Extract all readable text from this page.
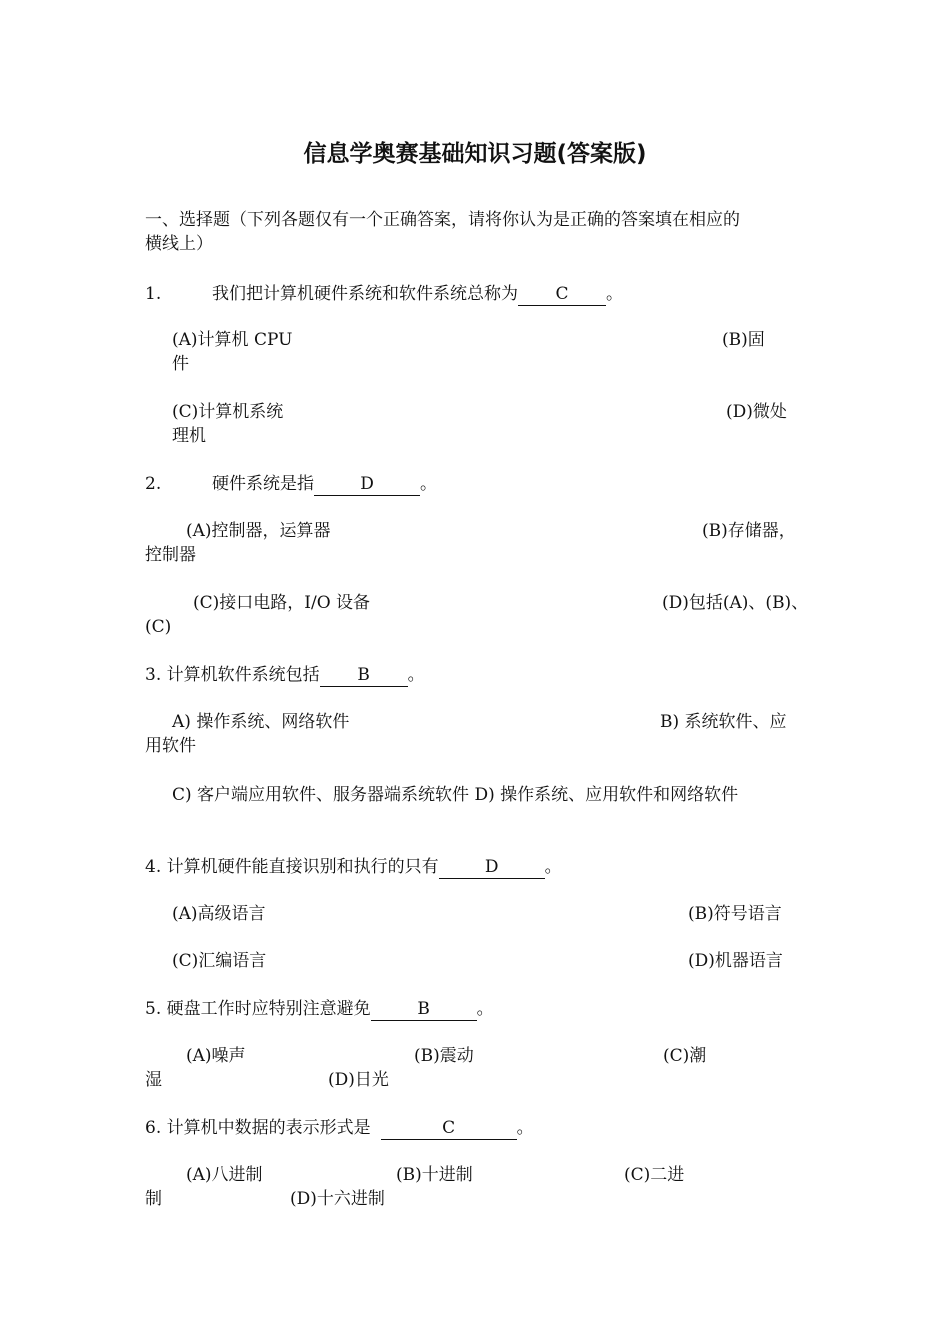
信息学奥赛基础知识习题(答案版)
一、选择题（下列各题仅有一个正确答案，请将你认为是正确的答案填在相应的
横线上）
1.	我们把计算机硬件系统和软件系统总称为 C 。
(A)计算机 CPU	(B)固
件
(C)计算机系统	(D)微处
理机
2.	硬件系统是指	D	。
(A)控制器，运算器	(B)存储器，
控制器
(C)接口电路，I/O 设备	(D)包括(A)、(B)、
(C)
3. 计算机软件系统包括 B 。
A) 操作系统、网络软件	B) 系统软件、应
用软件
C) 客户端应用软件、服务器端系统软件 D) 操作系统、应用软件和网络软件
4. 计算机硬件能直接识别和执行的只有	D	。
(A)高级语言	(B)符号语言
(C)汇编语言	(D)机器语言
5. 硬盘工作时应特别注意避免	B	。
(A)噪声	(B)震动	(C)潮
湿	(D)日光
6. 计算机中数据的表示形式是	C	。
(A)八进制	(B)十进制	(C)二进
制	(D)十六进制
